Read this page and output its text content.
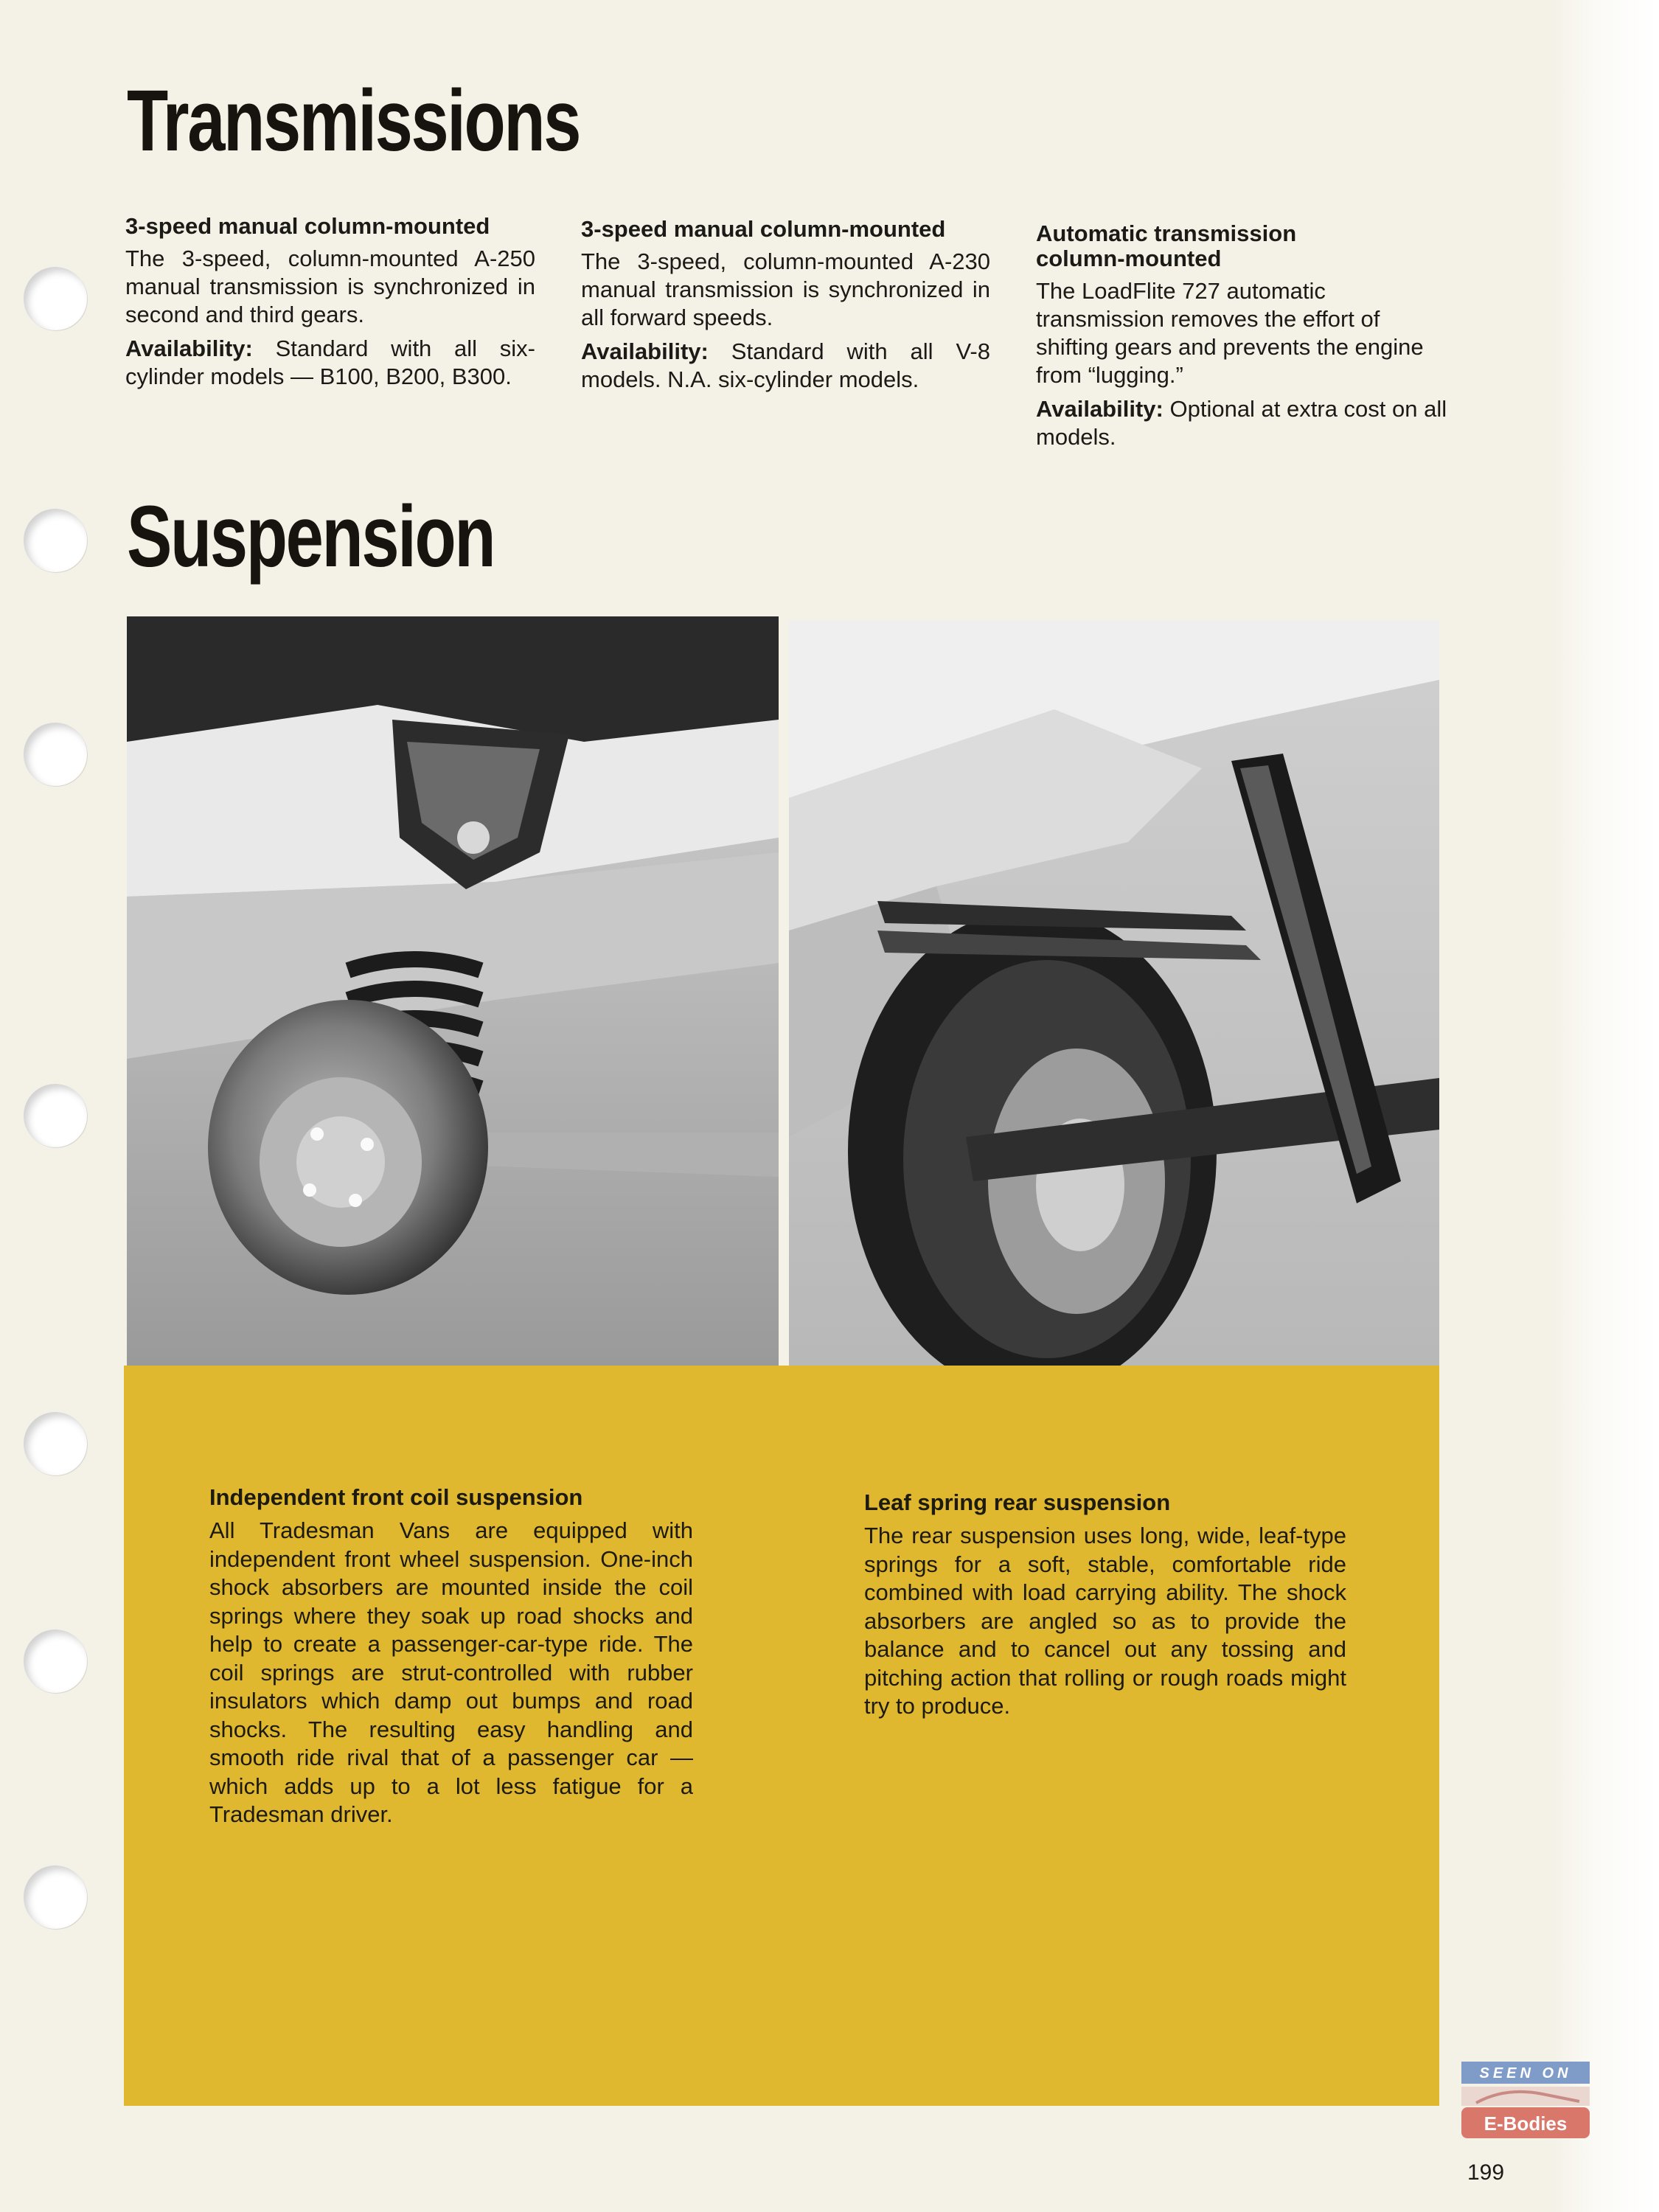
Transmissions
3-speed manual column-mounted

The 3-speed, column-mounted A-250 manual transmission is synchronized in second and third gears.

Availability: Standard with all six-cylinder models — B100, B200, B300.

3-speed manual column-mounted

The 3-speed, column-mounted A-230 manual transmission is synchronized in all forward speeds.

Availability: Standard with all V-8 models. N.A. six-cylinder models.

Automatic transmission column-mounted

The LoadFlite 727 automatic transmission removes the effort of shifting gears and prevents the engine from “lugging.”

Availability: Optional at extra cost on all models.

Suspension
Independent front coil suspension

All Tradesman Vans are equipped with independent front wheel suspension. One-inch shock absorbers are mounted inside the coil springs where they soak up road shocks and help to create a passenger-car-type ride. The coil springs are strut-controlled with rubber insulators which damp out bumps and road shocks. The resulting easy handling and smooth ride rival that of a passenger car —which adds up to a lot less fatigue for a Tradesman driver.

Leaf spring rear suspension

The rear suspension uses long, wide, leaf-type springs for a soft, stable, comfortable ride combined with load carrying ability. The shock absorbers are angled so as to provide the balance and to cancel out any tossing and pitching action that rolling or rough roads might try to produce.

SEEN ON
E-Bodies
199
